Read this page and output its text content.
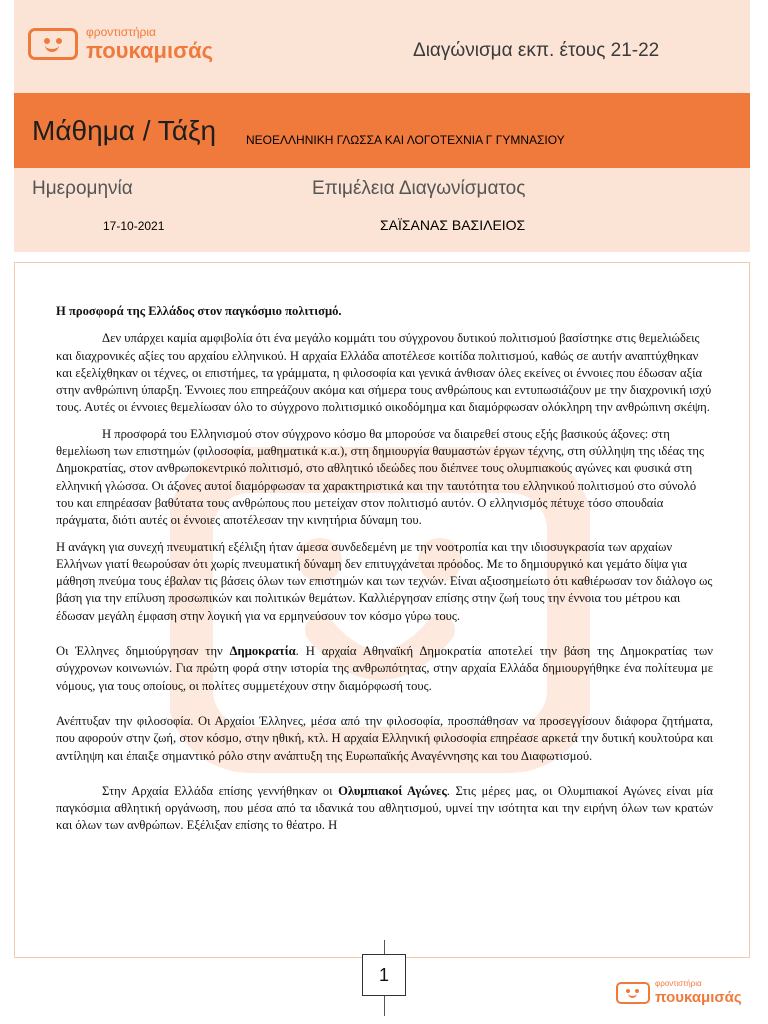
φροντιστήρια
πουκαμισάς	Διαγώνισμα εκπ. έτους 21-22
Μάθημα / Τάξη ΝΕΟΕΛΛΗΝΙΚΗ ΓΛΩΣΣΑ ΚΑΙ ΛΟΓΟΤΕΧΝΙΑ Γ ΓΥΜΝΑΣΙΟΥ
Ημερομηνία	Επιμέλεια Διαγωνίσματος
17-10-2021	ΣΑΪΣΑΝΑΣ ΒΑΣΙΛΕΙΟΣ

Η προσφορά της Ελλάδος στον παγκόσμιο πολιτισμό.

Δεν υπάρχει καμία αμφιβολία ότι ένα μεγάλο κομμάτι του σύγχρονου δυτικού πολιτισμού βασίστηκε στις θεμελιώδεις και διαχρονικές αξίες του αρχαίου ελληνικού. Η αρχαία Ελλάδα αποτέλεσε κοιτίδα πολιτισμού, καθώς σε αυτήν αναπτύχθηκαν και εξελίχθηκαν οι τέχνες, οι επιστήμες, τα γράμματα, η φιλοσοφία και γενικά άνθισαν όλες εκείνες οι έννοιες που έδωσαν αξία στην ανθρώπινη ύπαρξη. Έννοιες που επηρεάζουν ακόμα και σήμερα τους ανθρώπους και εντυπωσιάζουν με την διαχρονική ισχύ τους. Αυτές οι έννοιες θεμελίωσαν όλο το σύγχρονο πολιτισμικό οικοδόμημα και διαμόρφωσαν ολόκληρη την ανθρώπινη σκέψη.

Η προσφορά του Ελληνισμού στον σύγχρονο κόσμο θα μπορούσε να διαιρεθεί στους εξής βασικούς άξονες: στη θεμελίωση των επιστημών (φιλοσοφία, μαθηματικά κ.α.), στη δημιουργία θαυμαστών έργων τέχνης, στη σύλληψη της ιδέας της Δημοκρατίας, στον ανθρωποκεντρικό πολιτισμό, στο αθλητικό ιδεώδες που διέπνεε τους ολυμπιακούς αγώνες και φυσικά στη ελληνική γλώσσα. Οι άξονες αυτοί διαμόρφωσαν τα χαρακτηριστικά και την ταυτότητα του ελληνικού πολιτισμού στο σύνολό του και επηρέασαν βαθύτατα τους ανθρώπους που μετείχαν στον πολιτισμό αυτόν. Ο ελληνισμός πέτυχε τόσο σπουδαία πράγματα, διότι αυτές οι έννοιες αποτέλεσαν την κινητήρια δύναμη του.

Η ανάγκη για συνεχή πνευματική εξέλιξη ήταν άμεσα συνδεδεμένη με την νοοτροπία και την ιδιοσυγκρασία των αρχαίων Ελλήνων γιατί θεωρούσαν ότι χωρίς πνευματική δύναμη δεν επιτυγχάνεται πρόοδος. Με το δημιουργικό και γεμάτο δίψα για μάθηση πνεύμα τους έβαλαν τις βάσεις όλων των επιστημών και των τεχνών. Είναι αξιοσημείωτο ότι καθιέρωσαν τον διάλογο ως βάση για την επίλυση προσωπικών και πολιτικών θεμάτων. Καλλιέργησαν επίσης στην ζωή τους την έννοια του μέτρου και έδωσαν μεγάλη έμφαση στην λογική για να ερμηνεύσουν τον κόσμο γύρω τους.

Οι Έλληνες δημιούργησαν την Δημοκρατία. Η αρχαία Αθηναϊκή Δημοκρατία αποτελεί την βάση της Δημοκρατίας των σύγχρονων κοινωνιών. Για πρώτη φορά στην ιστορία της ανθρωπότητας, στην αρχαία Ελλάδα δημιουργήθηκε ένα πολίτευμα με νόμους, για τους οποίους, οι πολίτες συμμετέχουν στην διαμόρφωσή τους.

Ανέπτυξαν την φιλοσοφία. Οι Αρχαίοι Έλληνες, μέσα από την φιλοσοφία, προσπάθησαν να προσεγγίσουν διάφορα ζητήματα, που αφορούν στην ζωή, στον κόσμο, στην ηθική, κτλ. Η αρχαία Ελληνική φιλοσοφία επηρέασε αρκετά την δυτική κουλτούρα και αντίληψη και έπαιξε σημαντικό ρόλο στην ανάπτυξη της Ευρωπαϊκής Αναγέννησης και του Διαφωτισμού.

Στην Αρχαία Ελλάδα επίσης γεννήθηκαν οι Ολυμπιακοί Αγώνες. Στις μέρες μας, οι Ολυμπιακοί Αγώνες είναι μία παγκόσμια αθλητική οργάνωση, που μέσα από τα ιδανικά του αθλητισμού, υμνεί την ισότητα και την ειρήνη όλων των κρατών και όλων των ανθρώπων. Εξέλιξαν επίσης το θέατρο. Η

1	φροντιστήρια
πουκαμισάς
